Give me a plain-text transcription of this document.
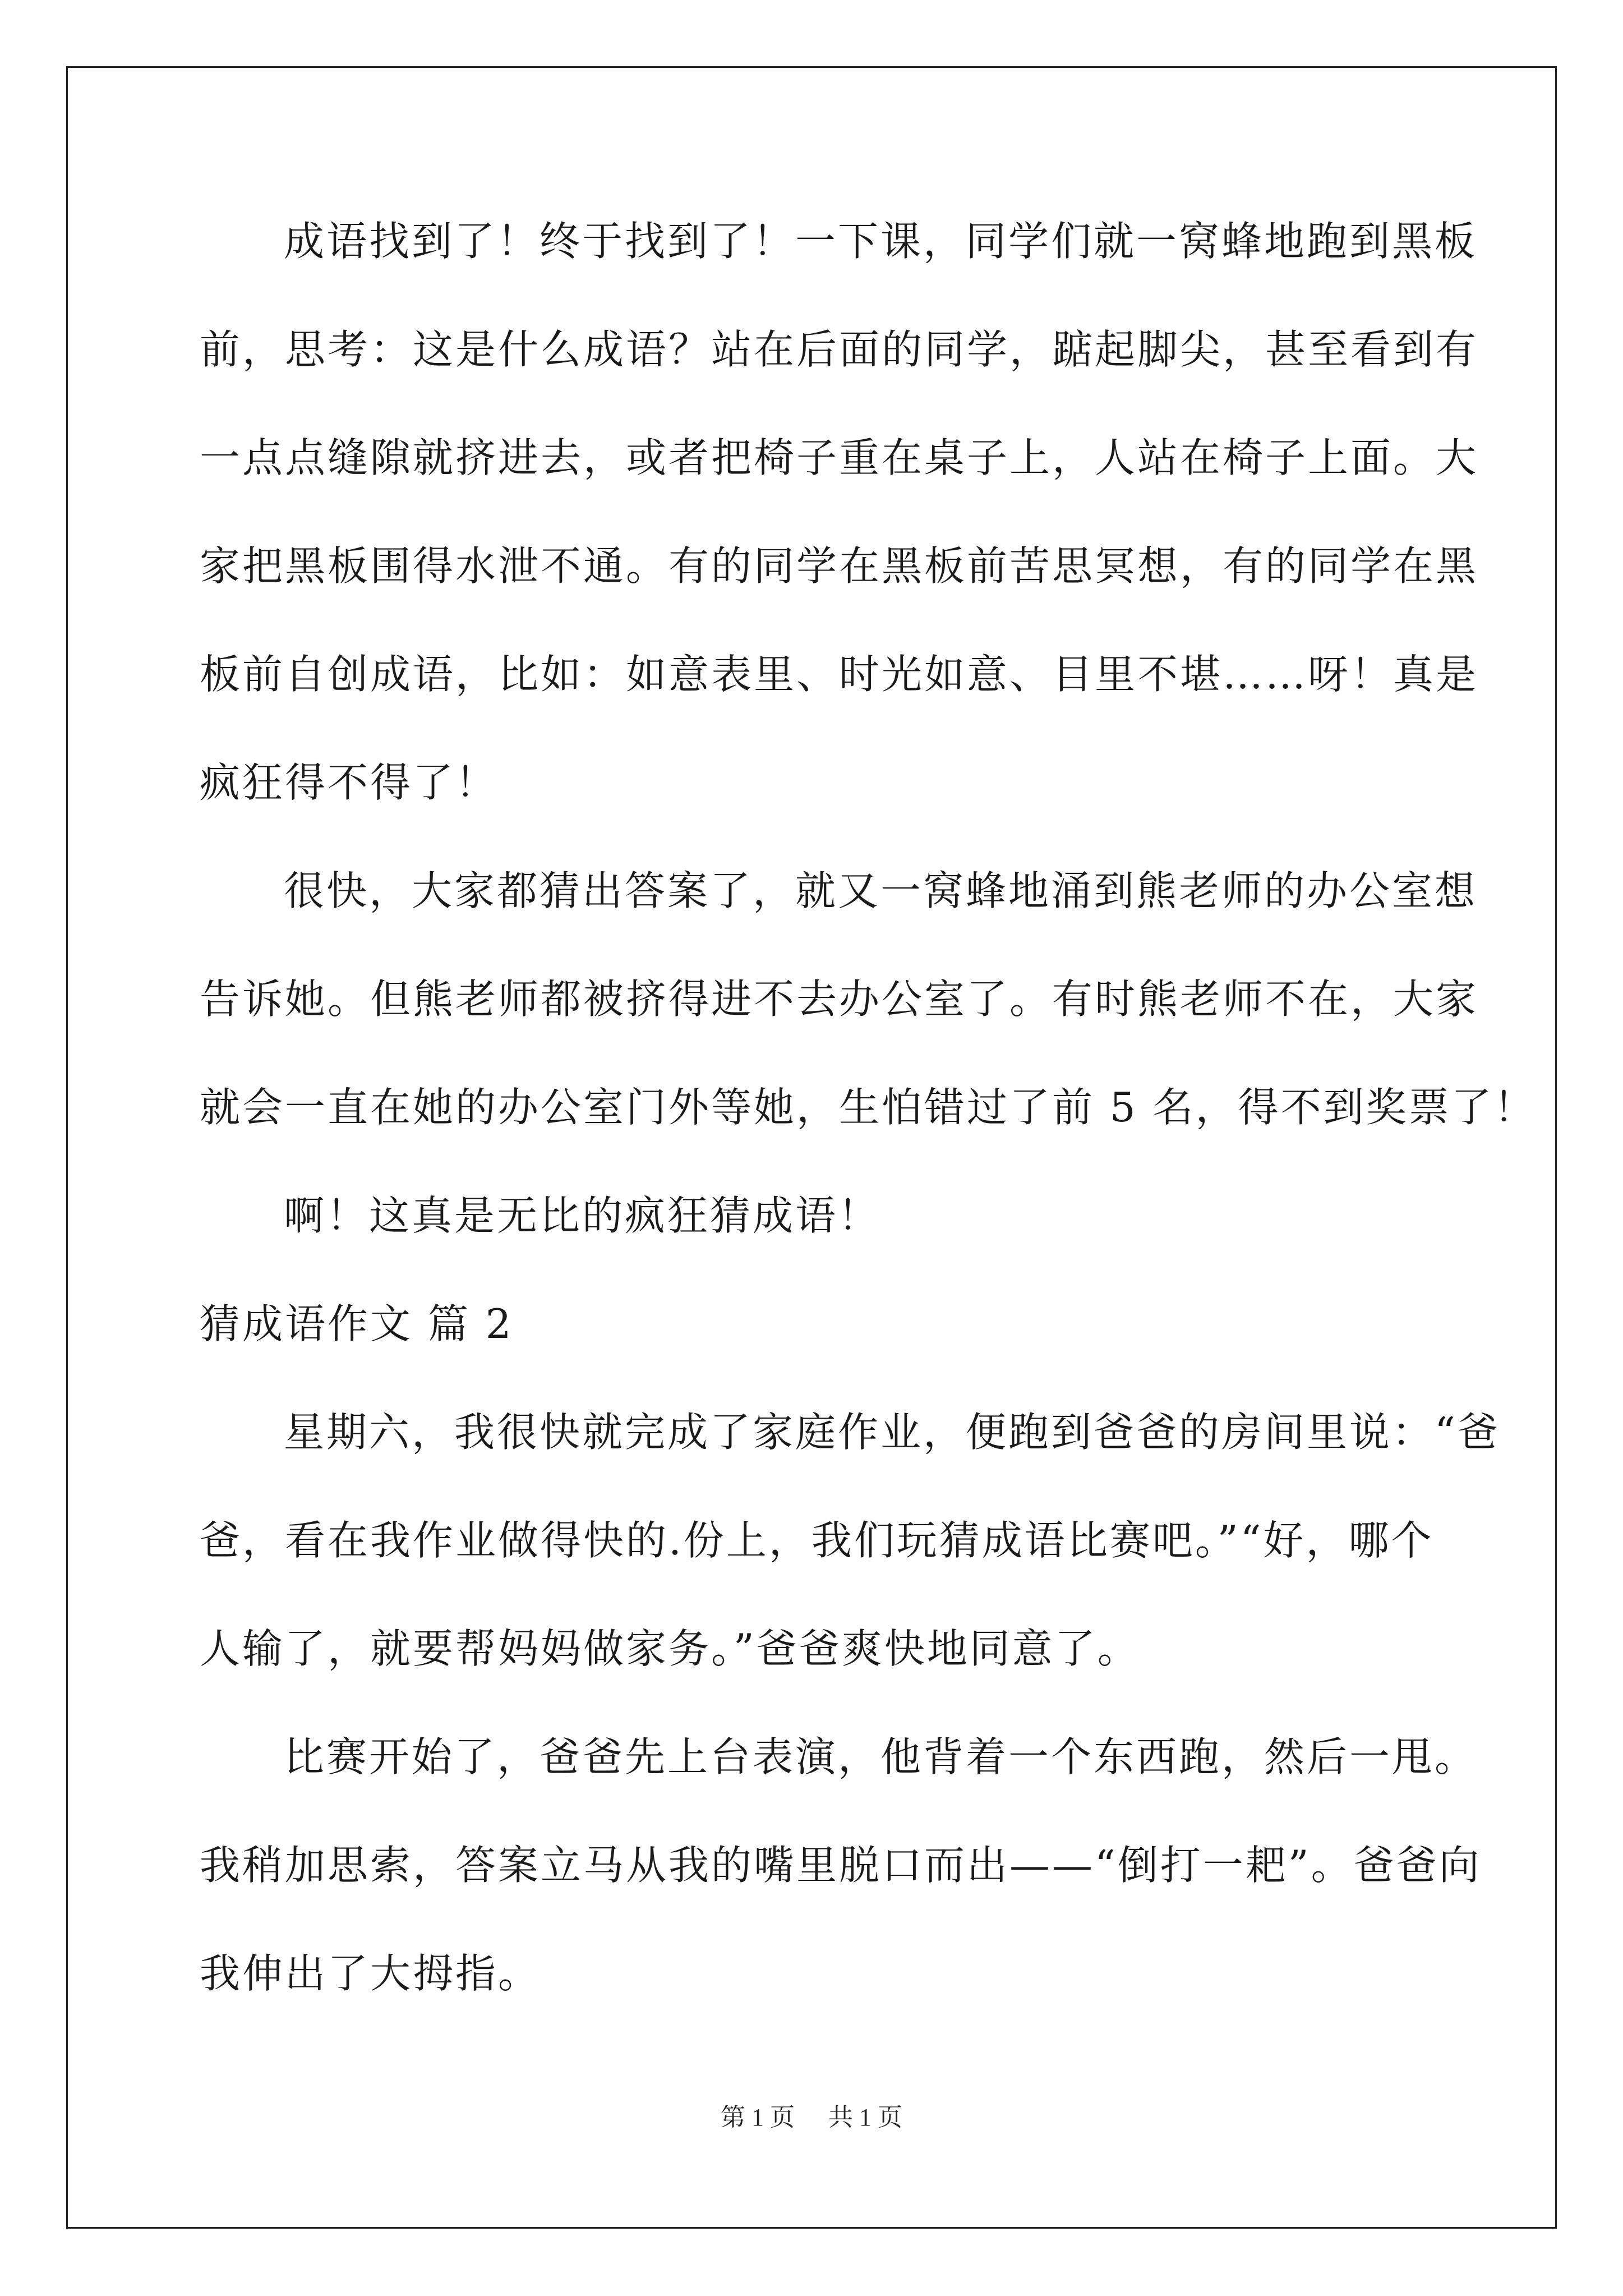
成语找到了！终于找到了！一下课，同学们就一窝蜂地跑到黑板
前，思考：这是什么成语？站在后面的同学，踮起脚尖，甚至看到有
一点点缝隙就挤进去，或者把椅子重在桌子上，人站在椅子上面。大
家把黑板围得水泄不通。有的同学在黑板前苦思冥想，有的同学在黑
板前自创成语，比如：如意表里、时光如意、目里不堪……呀！真是
疯狂得不得了！
很快，大家都猜出答案了，就又一窝蜂地涌到熊老师的办公室想
告诉她。但熊老师都被挤得进不去办公室了。有时熊老师不在，大家
就会一直在她的办公室门外等她，生怕错过了前 5 名，得不到奖票了！
啊！这真是无比的疯狂猜成语！
猜成语作文 篇 2
星期六，我很快就完成了家庭作业，便跑到爸爸的房间里说：“爸
爸，看在我作业做得快的.份上，我们玩猜成语比赛吧。”“好，哪个
人输了，就要帮妈妈做家务。”爸爸爽快地同意了。
比赛开始了，爸爸先上台表演，他背着一个东西跑，然后一甩。
我稍加思索，答案立马从我的嘴里脱口而出——“倒打一耙”。爸爸向
我伸出了大拇指。
第 1 页 共 1 页
